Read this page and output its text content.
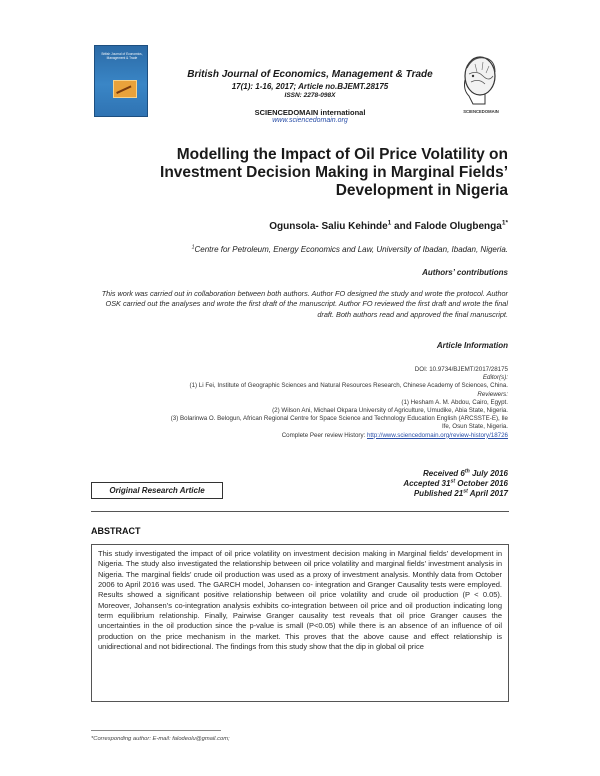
British Journal of Economics, Management & Trade
British Journal of Economics, Management & Trade
17(1): 1-16, 2017; Article no.BJEMT.28175
ISSN: 2278-098X
SCIENCEDOMAIN international
www.sciencedomain.org
SCIENCEDOMAIN
Modelling the Impact of Oil Price Volatility on Investment Decision Making in Marginal Fields’ Development in Nigeria
Ogunsola- Saliu Kehinde$^1$ and Falode Olugbenga$^{1*}$
$^1$Centre for Petroleum, Energy Economics and Law, University of Ibadan, Ibadan, Nigeria.
Authors’ contributions
This work was carried out in collaboration between both authors. Author FO designed the study and wrote the protocol. Author OSK carried out the analyses and wrote the first draft of the manuscript. Author FO reviewed the first draft and wrote the final draft. Both authors read and approved the final manuscript.
Article Information
DOI: 10.9734/BJEMT/2017/28175
Editor(s):
(1) Li Fei, Institute of Geographic Sciences and Natural Resources Research, Chinese Academy of Sciences, China.
Reviewers:
(1) Hesham A. M. Abdou, Cairo, Egypt.
(2) Wilson Ani, Michael Okpara University of Agriculture, Umudike, Abia State, Nigeria.
(3) Bolarinwa O. Belogun, African Regional Centre for Space Science and Technology Education English (ARCSSTE-E), Ile
Ife, Osun State, Nigeria.
Complete Peer review History: http://www.sciencedomain.org/review-history/18726
Received 6th July 2016
Accepted 31st October 2016
Published 21st April 2017
Original Research Article
ABSTRACT
This study investigated the impact of oil price volatility on investment decision making in Marginal fields’ development in Nigeria. The study also investigated the relationship between oil price volatility and marginal fields’ investment analysis in Nigeria. The marginal fields’ crude oil production was used as a proxy of investment analysis. Monthly data from October 2006 to April 2016 was used. The GARCH model, Johansen co- integration and Granger Causality tests were employed. Results showed a significant positive relationship between oil price volatility and crude oil production (P < 0.05). Moreover, Johansen’s co-integration analysis exhibits co-integration between oil price and oil production indicating long term equilibrium relationship. Finally, Pairwise Granger causality test reveals that oil price Granger causes the uncertainties in the oil production since the p-value is small (P<0.05) while there is an absence of an influence of oil production on the price mechanism in the market. This proves that the above cause and effect relationship is unidirectional and not bidirectional. The findings from this study show that the dip in global oil price
*Corresponding author: E-mail: falodeolu@gmail.com;
